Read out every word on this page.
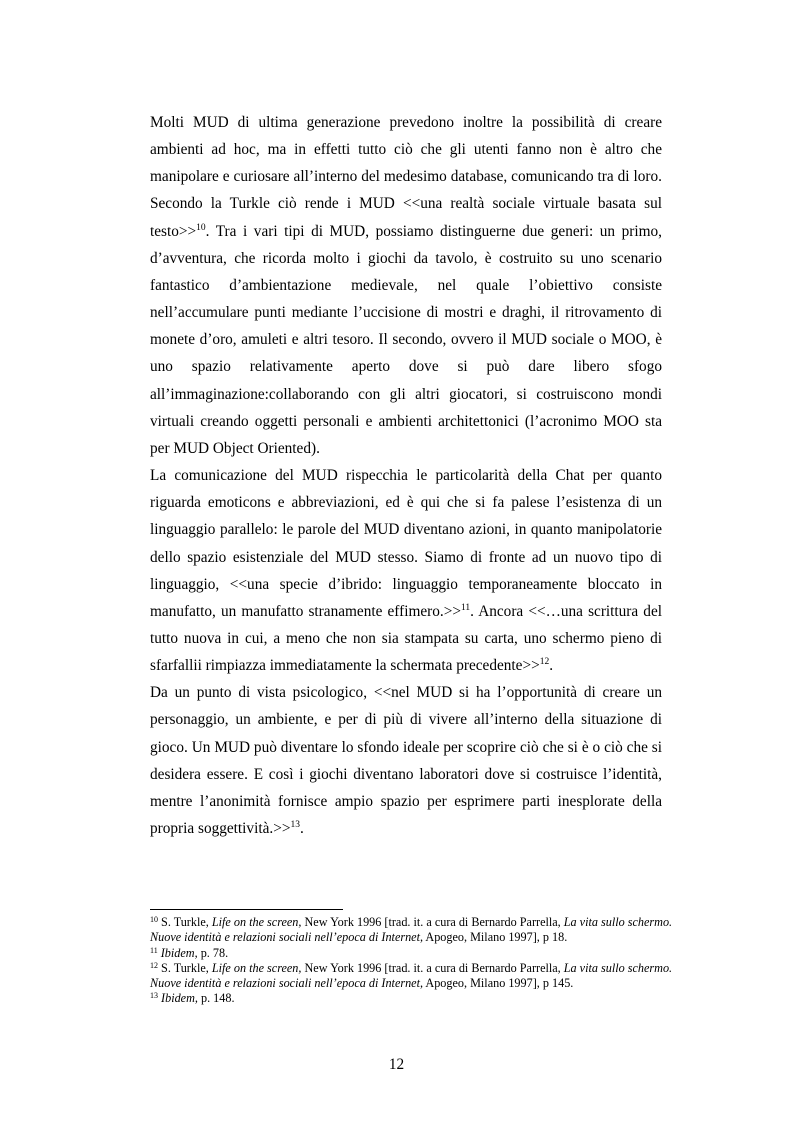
Molti MUD di ultima generazione prevedono inoltre la possibilità di creare ambienti ad hoc, ma in effetti tutto ciò che gli utenti fanno non è altro che manipolare e curiosare all’interno del medesimo database, comunicando tra di loro. Secondo la Turkle ciò rende i MUD <<una realtà sociale virtuale basata sul testo>>$^{10}$. Tra i vari tipi di MUD, possiamo distinguerne due generi: un primo, d’avventura, che ricorda molto i giochi da tavolo, è costruito su uno scenario fantastico d’ambientazione medievale, nel quale l’obiettivo consiste nell’accumulare punti mediante l’uccisione di mostri e draghi, il ritrovamento di monete d’oro, amuleti e altri tesoro. Il secondo, ovvero il MUD sociale o MOO, è uno spazio relativamente aperto dove si può dare libero sfogo all’immaginazione:collaborando con gli altri giocatori, si costruiscono mondi virtuali creando oggetti personali e ambienti architettonici (l’acronimo MOO sta per MUD Object Oriented).

La comunicazione del MUD rispecchia le particolarità della Chat per quanto riguarda emoticons e abbreviazioni, ed è qui che si fa palese l’esistenza di un linguaggio parallelo: le parole del MUD diventano azioni, in quanto manipolatorie dello spazio esistenziale del MUD stesso. Siamo di fronte ad un nuovo tipo di linguaggio, <<una specie d’ibrido: linguaggio temporaneamente bloccato in manufatto, un manufatto stranamente effimero.>>$^{11}$. Ancora <<…una scrittura del tutto nuova in cui, a meno che non sia stampata su carta, uno schermo pieno di sfarfallii rimpiazza immediatamente la schermata precedente>>$^{12}$.

Da un punto di vista psicologico, <<nel MUD si ha l’opportunità di creare un personaggio, un ambiente, e per di più di vivere all’interno della situazione di gioco. Un MUD può diventare lo sfondo ideale per scoprire ciò che si è o ciò che si desidera essere. E così i giochi diventano laboratori dove si costruisce l’identità, mentre l’anonimità fornisce ampio spazio per esprimere parti inesplorate della propria soggettività.>>$^{13}$.

$^{10}$ S. Turkle, Life on the screen, New York 1996 [trad. it. a cura di Bernardo Parrella, La vita sullo schermo. Nuove identità e relazioni sociali nell’epoca di Internet, Apogeo, Milano 1997], p 18.
$^{11}$ Ibidem, p. 78.
$^{12}$ S. Turkle, Life on the screen, New York 1996 [trad. it. a cura di Bernardo Parrella, La vita sullo schermo. Nuove identità e relazioni sociali nell’epoca di Internet, Apogeo, Milano 1997], p 145.
$^{13}$ Ibidem, p. 148.
12
